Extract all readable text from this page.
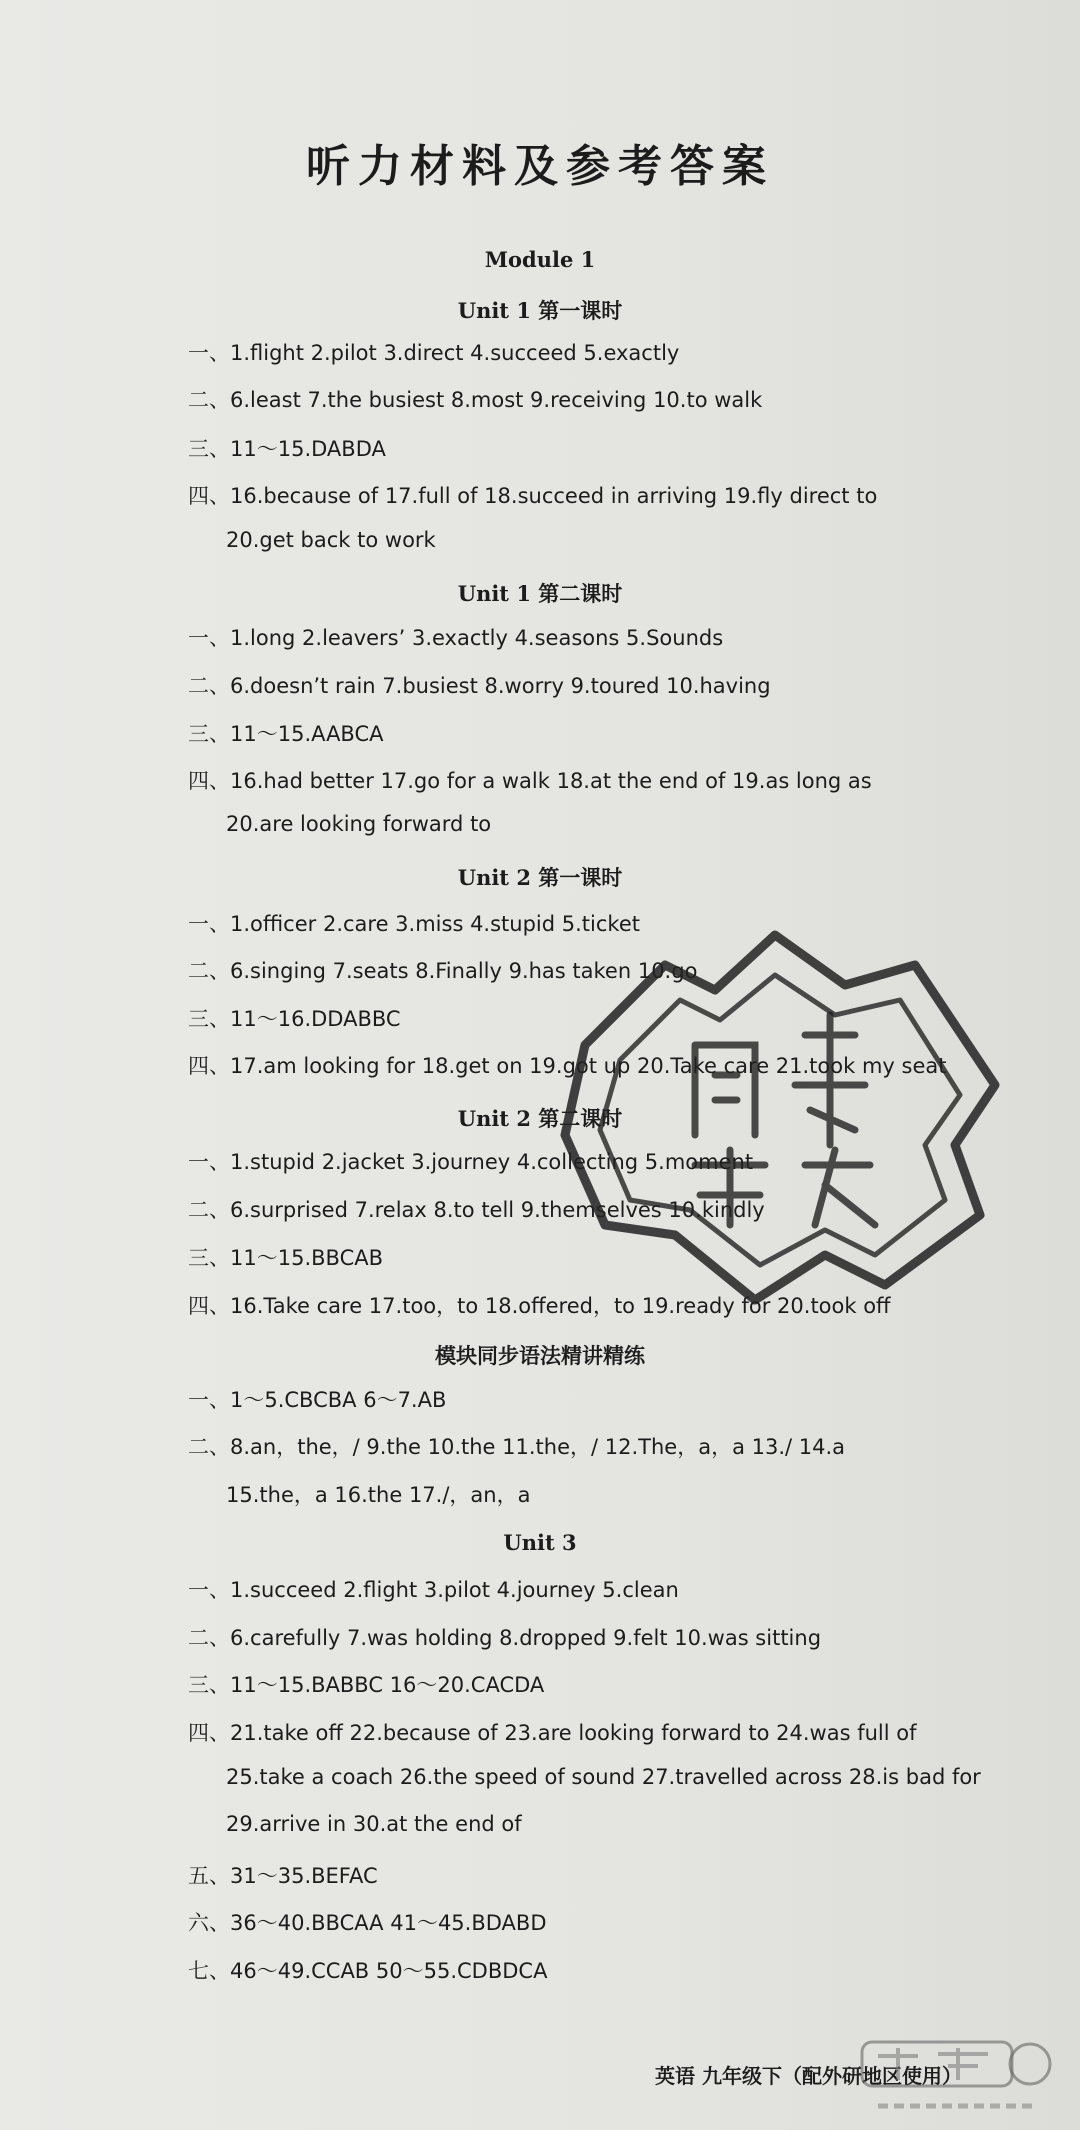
听力材料及参考答案
Module 1
Unit 1 第一课时
Unit 1 第二课时
Unit 2 第一课时
Unit 2 第二课时
模块同步语法精讲精练
Unit 3
一、1.flight 2.pilot 3.direct 4.succeed 5.exactly
二、6.least 7.the busiest 8.most 9.receiving 10.to walk
三、11～15.DABDA
四、16.because of 17.full of 18.succeed in arriving 19.fly direct to
20.get back to work
一、1.long 2.leavers’ 3.exactly 4.seasons 5.Sounds
二、6.doesn’t rain 7.busiest 8.worry 9.toured 10.having
三、11～15.AABCA
四、16.had better 17.go for a walk 18.at the end of 19.as long as
20.are looking forward to
一、1.officer 2.care 3.miss 4.stupid 5.ticket
二、6.singing 7.seats 8.Finally 9.has taken 10.go
三、11～16.DDABBC
四、17.am looking for 18.get on 19.got up 20.Take care 21.took my seat
一、1.stupid 2.jacket 3.journey 4.collecting 5.moment
二、6.surprised 7.relax 8.to tell 9.themselves 10.kindly
三、11～15.BBCAB
四、16.Take care 17.too，to 18.offered，to 19.ready for 20.took off
一、1～5.CBCBA 6～7.AB
二、8.an，the，/ 9.the 10.the 11.the，/ 12.The，a，a 13./ 14.a
15.the，a 16.the 17./，an，a
一、1.succeed 2.flight 3.pilot 4.journey 5.clean
二、6.carefully 7.was holding 8.dropped 9.felt 10.was sitting
三、11～15.BABBC 16～20.CACDA
四、21.take off 22.because of 23.are looking forward to 24.was full of
25.take a coach 26.the speed of sound 27.travelled across 28.is bad for
29.arrive in 30.at the end of
五、31～35.BEFAC
六、36～40.BBCAA 41～45.BDABD
七、46～49.CCAB 50～55.CDBDCA
英语 九年级下（配外研地区使用）
